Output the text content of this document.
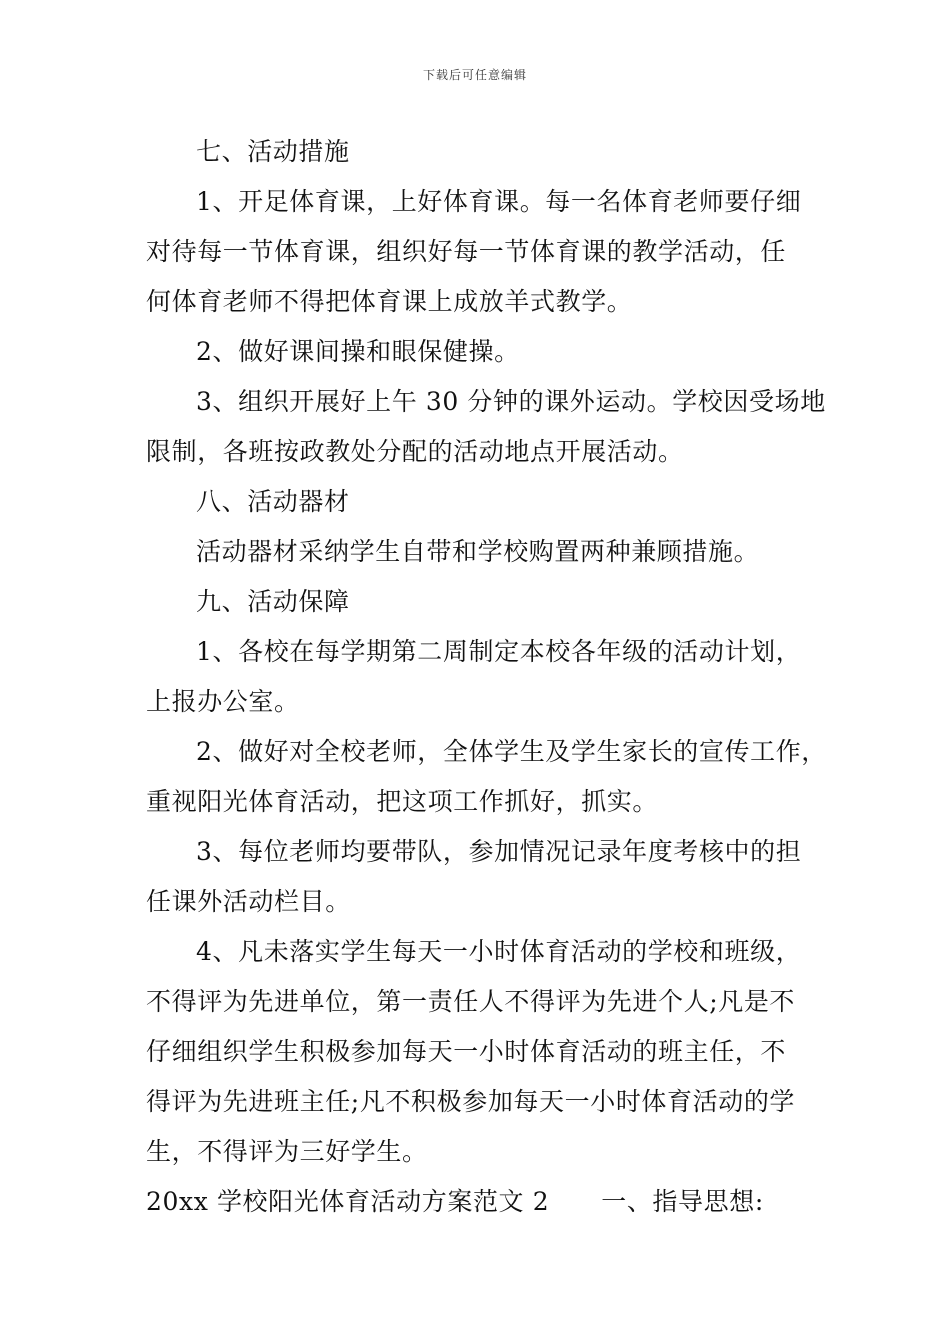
下载后可任意编辑
七、活动措施
1、开足体育课，上好体育课。每一名体育老师要仔细
对待每一节体育课，组织好每一节体育课的教学活动，任
何体育老师不得把体育课上成放羊式教学。
2、做好课间操和眼保健操。
3、组织开展好上午 30 分钟的课外运动。学校因受场地
限制，各班按政教处分配的活动地点开展活动。
八、活动器材
活动器材采纳学生自带和学校购置两种兼顾措施。
九、活动保障
1、各校在每学期第二周制定本校各年级的活动计划，
上报办公室。
2、做好对全校老师，全体学生及学生家长的宣传工作，
重视阳光体育活动，把这项工作抓好，抓实。
3、每位老师均要带队，参加情况记录年度考核中的担
任课外活动栏目。
4、凡未落实学生每天一小时体育活动的学校和班级，
不得评为先进单位，第一责任人不得评为先进个人;凡是不
仔细组织学生积极参加每天一小时体育活动的班主任，不
得评为先进班主任;凡不积极参加每天一小时体育活动的学
生，不得评为三好学生。
20xx 学校阳光体育活动方案范文 2 一、指导思想:
